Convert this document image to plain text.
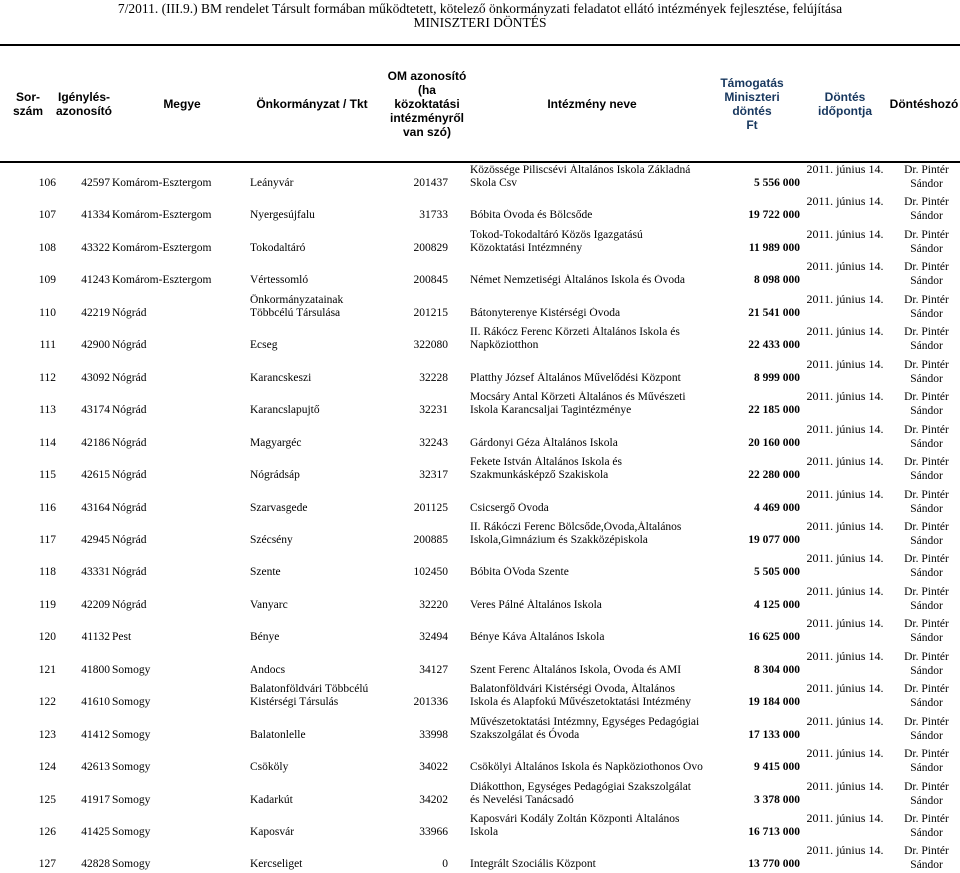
7/2011. (III.9.) BM rendelet Társult formában működtetett, kötelező önkormányzati feladatot ellátó intézmények fejlesztése, felújítása
MINISZTERI DÖNTÉS
Sor-
szám
Igénylés-
azonosító	Megye	Önkormányzat / Tkt
OM azonosító
(ha
közoktatási
intézményről
van szó)
Intézmény neve
Támogatás
Miniszteri
döntés
Ft
Döntés
időpontja	Döntéshozó
106	42597 Komárom-Esztergom	Leányvár	201437
Közössége Piliscsévi Általános Iskola Základná
Skola Csv	5 556 000
2011. június 14.	Dr. Pintér
Sándor
107	41334 Komárom-Esztergom	Nyergesújfalu	31733 Bóbita Óvoda és Bölcsőde	19 722 000
2011. június 14.	Dr. Pintér
Sándor
108	43322 Komárom-Esztergom	Tokodaltáró	200829
Tokod-Tokodaltáró Közös Igazgatású
Közoktatási Intézmnény	11 989 000
2011. június 14.	Dr. Pintér
Sándor
109	41243 Komárom-Esztergom	Vértessomló	200845 Német Nemzetiségi Általános Iskola és Óvoda	8 098 000
2011. június 14.	Dr. Pintér
Sándor
110	42219 Nógrád
Önkormányzatainak
Többcélú Társulása	201215 Bátonyterenye Kistérségi Óvoda	21 541 000
2011. június 14.	Dr. Pintér
Sándor
111	42900 Nógrád	Ecseg	322080
II. Rákócz Ferenc Körzeti Általános Iskola és
Napköziotthon	22 433 000
2011. június 14.	Dr. Pintér
Sándor
112	43092 Nógrád	Karancskeszi	32228 Platthy József Általános Művelődési Központ	8 999 000
2011. június 14.	Dr. Pintér
Sándor
113	43174 Nógrád	Karancslapujtő	32231
Mocsáry Antal Körzeti Általános és Művészeti
Iskola Karancsaljai Tagintézménye	22 185 000
2011. június 14.	Dr. Pintér
Sándor
114	42186 Nógrád	Magyargéc	32243 Gárdonyi Géza Általános Iskola	20 160 000
2011. június 14.	Dr. Pintér
Sándor
115	42615 Nógrád	Nógrádsáp	32317
Fekete István Általános Iskola és
Szakmunkásképző Szakiskola	22 280 000
2011. június 14.	Dr. Pintér
Sándor
116	43164 Nógrád	Szarvasgede	201125 Csicsergő Óvoda	4 469 000
2011. június 14.	Dr. Pintér
Sándor
117	42945 Nógrád	Szécsény	200885
II. Rákóczi Ferenc Bölcsőde,Óvoda,Általános
Iskola,Gimnázium és Szakközépiskola	19 077 000
2011. június 14.	Dr. Pintér
Sándor
118	43331 Nógrád	Szente	102450 Bóbita ÓVoda Szente	5 505 000
2011. június 14.	Dr. Pintér
Sándor
119	42209 Nógrád	Vanyarc	32220 Veres Pálné Általános Iskola	4 125 000
2011. június 14.	Dr. Pintér
Sándor
120	41132 Pest	Bénye	32494 Bénye Káva Általános Iskola	16 625 000
2011. június 14.	Dr. Pintér
Sándor
121	41800 Somogy	Andocs	34127 Szent Ferenc Általános Iskola, Óvoda és AMI	8 304 000
2011. június 14.	Dr. Pintér
Sándor
122	41610 Somogy
Balatonföldvári Többcélú
Kistérségi Társulás	201336
Balatonföldvári Kistérségi Óvoda, Általános
Iskola és Alapfokú Művészetoktatási Intézmény	19 184 000
2011. június 14.	Dr. Pintér
Sándor
123	41412 Somogy	Balatonlelle	33998
Művészetoktatási Intézmny, Egységes Pedagógiai
Szakszolgálat és Óvoda	17 133 000
2011. június 14.	Dr. Pintér
Sándor
124	42613 Somogy	Csököly	34022 Csökölyi Általános Iskola és Napköziothonos Óvo	9 415 000
2011. június 14.	Dr. Pintér
Sándor
125	41917 Somogy	Kadarkút	34202
Diákotthon, Egységes Pedagógiai Szakszolgálat
és Nevelési Tanácsadó	3 378 000
2011. június 14.	Dr. Pintér
Sándor
126	41425 Somogy	Kaposvár	33966
Kaposvári Kodály Zoltán Központi Általános
Iskola	16 713 000
2011. június 14.	Dr. Pintér
Sándor
127	42828 Somogy	Kercseliget	0 Integrált Szociális Központ	13 770 000
2011. június 14.	Dr. Pintér
Sándor
